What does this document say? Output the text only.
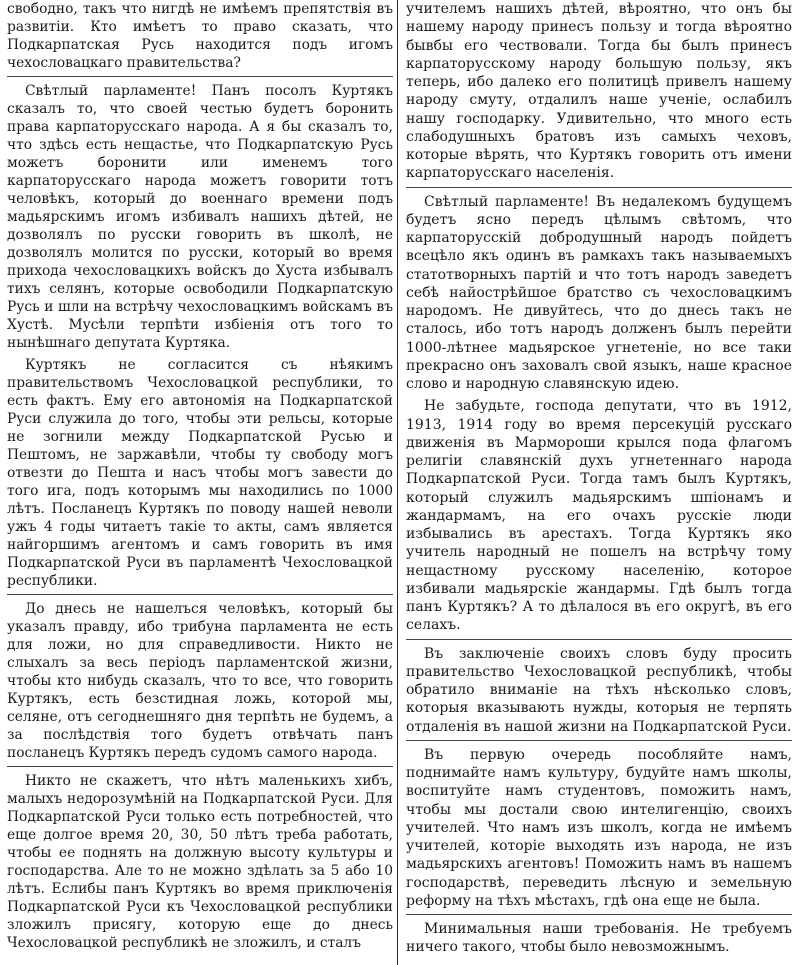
свободно, такъ что нигдѣ не имѣемъ препятствія въ развитіи. Кто имѣетъ то право сказать, что Подкарпатская Русь находится подъ игомъ чехословацкаго правительства?

Свѣтлый парламенте! Панъ посолъ Куртякъ сказалъ то, что своей честью будетъ боронить права карпаторусскаго народа. А я бы сказалъ то, что здѣсь есть нещастье, что Подкарпатскую Русь можетъ боронити или именемъ того карпаторусскаго народа можетъ говорити тотъ человѣкъ, который до военнаго времени подъ мадьярскимъ игомъ избивалъ нашихъ дѣтей, не дозволялъ по русски говорить въ школѣ, не дозволялъ молится по русски, который во время прихода чехословацкихъ войскъ до Хуста избывалъ тихъ селянъ, которые освободили Подкарпатскую Русь и шли на встрѣчу чехословацкимъ войскамъ въ Хустѣ. Мусѣли терпѣти избіенія отъ того то нынѣшнаго депутата Куртяка.

Куртякъ не согласится съ нѣякимъ правительствомъ Чехословацкой республики, то есть фактъ. Ему его автономія на Подкарпатской Руси служила до того, чтобы эти рельсы, которые не зогнили между Подкарпатской Русью и Пештомъ, не заржавѣли, чтобы ту свободу могъ отвезти до Пешта и насъ чтобы могъ завести до того ига, подъ которымъ мы находились по 1000 лѣтъ. Посланецъ Куртякъ по поводу нашей неволи ужъ 4 годы читаетъ такіе то акты, самъ является найгоршимъ агентомъ и самъ говорить въ имя Подкарпатской Руси въ парламентѣ Чехословацкой республики.

До днесь не нашелъся человѣкъ, который бы указалъ правду, ибо трибуна парламента не есть для ложи, но для справедливости. Никто не слыхалъ за весь періодъ парламентской жизни, чтобы кто нибудь сказалъ, что то все, что говорить Куртякъ, есть безстидная ложь, которой мы, селяне, отъ сегоднешняго дня терпѣть не будемъ, а за послѣдствія того будетъ отвѣчать панъ посланецъ Куртякъ передъ судомъ самого народа.

Никто не скажетъ, что нѣтъ маленькихъ хибъ, малыхъ недорозумѣній на Подкарпатской Руси. Для Подкарпатской Руси только есть потребностей, что еще долгое время 20, 30, 50 лѣтъ треба работать, чтобы ее поднять на должную высоту культуры и господарства. Але то не можно здѣлать за 5 або 10 лѣтъ. Еслибы панъ Куртякъ во время приключенія Подкарпатской Руси къ Чехословацкой республики зложилъ присягу, которую еще до днесь Чехословацкой республикѣ не зложилъ, и сталъ

учителемъ нашихъ дѣтей, вѣроятно, что онъ бы нашему народу принесъ пользу и тогда вѣроятно бывбы его чествовали. Тогда бы былъ принесъ карпаторусскому народу большую пользу, якъ теперь, ибо далеко его политицѣ привелъ нашему народу смуту, отдалилъ наше ученіе, ослабилъ нашу господарку. Удивительно, что много есть слабодушныхъ братовъ изъ самыхъ чеховъ, которые вѣрять, что Куртякъ говорить отъ имени карпаторусскаго населенія.

Свѣтлый парламенте! Въ недалекомъ будущемъ будетъ ясно передъ цѣлымъ свѣтомъ, что карпаторусскій добродушный народъ пойдетъ всецѣло якъ одинъ въ рамкахъ такъ называемыхъ статотворныхъ партій и что тотъ народъ заведетъ себѣ найострѣйшое братство съ чехословацкимъ народомъ. Не дивуйтесь, что до днесь такъ не сталось, ибо тотъ народъ долженъ былъ перейти 1000-лѣтнее мадьярское угнетеніе, но все таки прекрасно онъ заховалъ свой языкъ, наше красное слово и народную славянскую идею.

Не забудьте, господа депутати, что въ 1912, 1913, 1914 году во время персекуцій русскаго движенія въ Мармороши крылся пода флагомъ религіи славянскій духъ угнетеннаго народа Подкарпатской Руси. Тогда тамъ былъ Куртякъ, который служилъ мадьярскимъ шпіонамъ и жандармамъ, на его очахъ русскіе люди избывались въ арестахъ. Тогда Куртякъ яко учитель народный не пошелъ на встрѣчу тому нещастному русскому населенію, которое избивали мадьярскіе жандармы. Гдѣ былъ тогда панъ Куртякъ? А то дѣлалося въ его округѣ, въ его селахъ.

Въ заключеніе своихъ словъ буду просить правительство Чехословацкой республикѣ, чтобы обратило вниманіе на тѣхъ нѣсколько словъ, которыя вказывають нужды, которыя не терпять отдаленія въ нашой жизни на Подкарпатской Руси.

Въ первую очередь пособляйте намъ, поднимайте намъ культуру, будуйте намъ школы, воспитуйте намъ студентовъ, поможить намъ, чтобы мы достали свою интелигенцію, своихъ учителей. Что намъ изъ школъ, когда не имѣемъ учителей, которіе выходять изъ народа, не изъ мадьярскихъ агентовъ! Поможить намъ въ нашемъ господарствѣ, переведить лѣсную и земельную реформу на тѣхъ мѣстахъ, гдѣ она еще не была.

Минимальныя наши требованія. Не требуемъ ничего такого, чтобы было невозможнымъ.
